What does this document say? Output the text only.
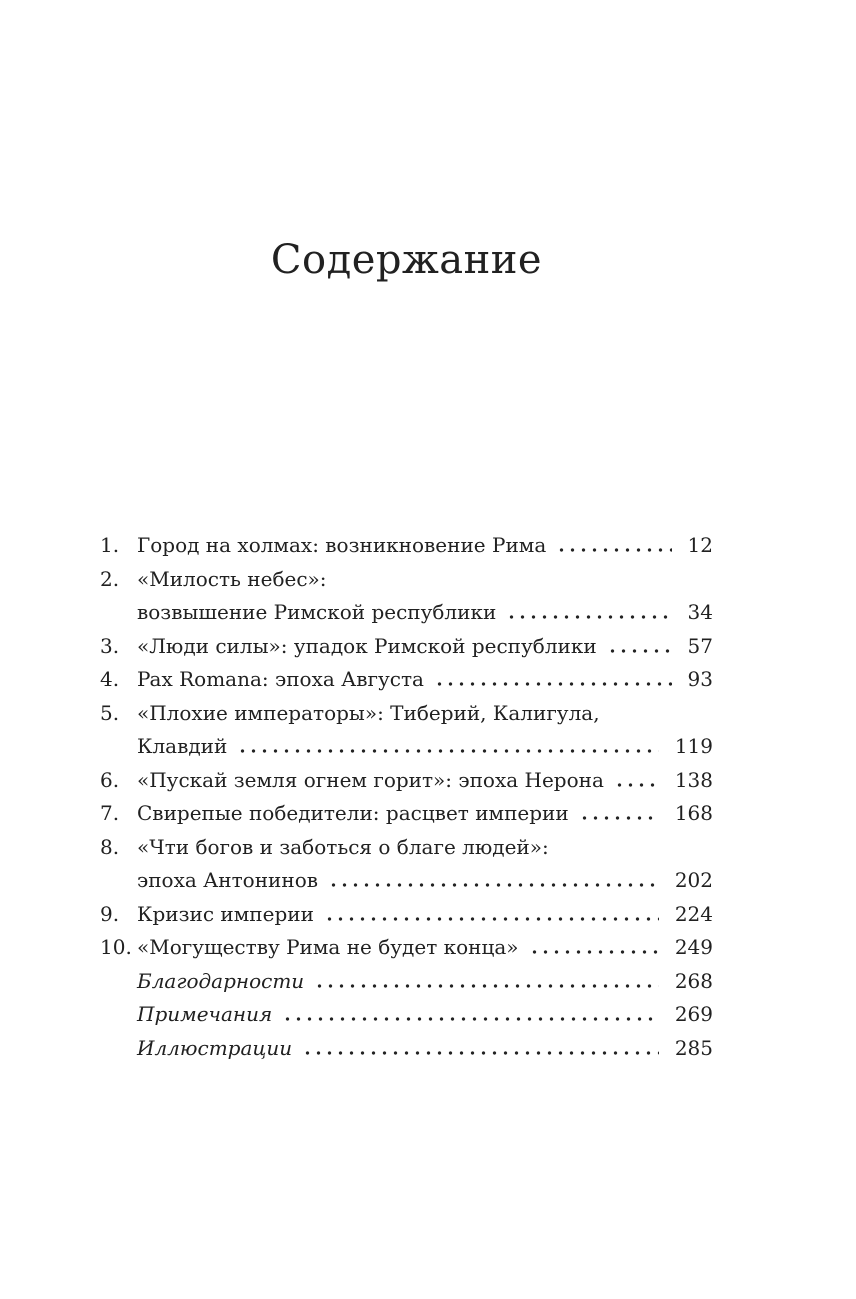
Содержание
1. Город на холмах: возникновение Рима	12
2. «Милость небес»:
возвышение Римской республики	34
3. «Люди силы»: упадок Римской республики	57
4. Pax Romana: эпоха Августа	93
5. «Плохие императоры»: Тиберий, Калигула,
Клавдий	119
6. «Пускай земля огнем горит»: эпоха Нерона	138
7. Свирепые победители: расцвет империи	168
8. «Чти богов и заботься о благе людей»:
эпоха Антонинов	202
9. Кризис империи	224
10. «Могуществу Рима не будет конца»	249
Благодарности	268
Примечания	269
Иллюстрации	285
